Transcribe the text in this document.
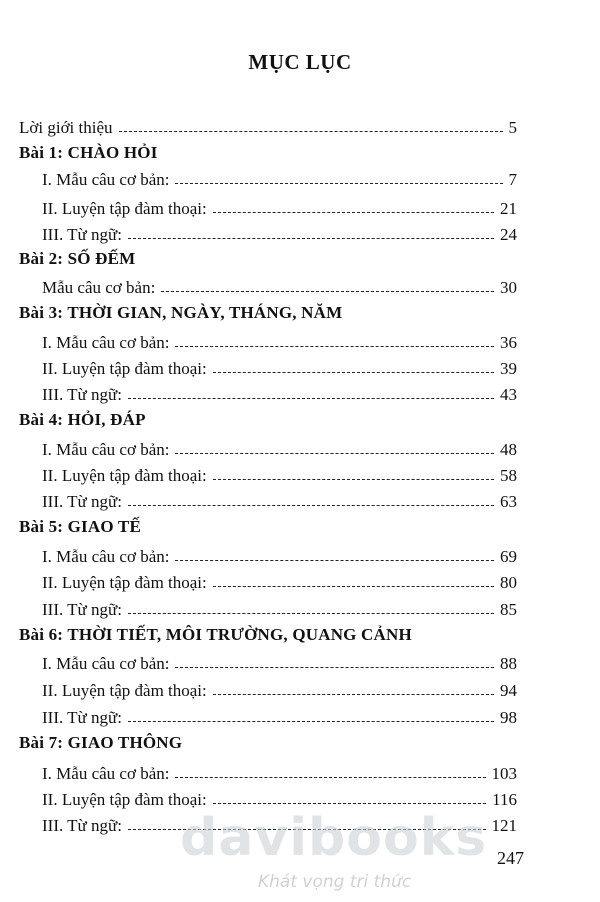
MỤC LỤC
Lời giới thiệu	5
Bài 1: CHÀO HỎI
I. Mẫu câu cơ bản:	7
II. Luyện tập đàm thoại:	21
III. Từ ngữ:	24
Bài 2: SỐ ĐẾM
Mẫu câu cơ bản:	30
Bài 3: THỜI GIAN, NGÀY, THÁNG, NĂM
I. Mẫu câu cơ bản:	36
II. Luyện tập đàm thoại:	39
III. Từ ngữ:	43
Bài 4: HỎI, ĐÁP
I. Mẫu câu cơ bản:	48
II. Luyện tập đàm thoại:	58
III. Từ ngữ:	63
Bài 5: GIAO TẾ
I. Mẫu câu cơ bản:	69
II. Luyện tập đàm thoại:	80
III. Từ ngữ:	85
Bài 6: THỜI TIẾT, MÔI TRƯỜNG, QUANG CẢNH
I. Mẫu câu cơ bản:	88
II. Luyện tập đàm thoại:	94
III. Từ ngữ:	98
Bài 7: GIAO THÔNG
I. Mẫu câu cơ bản:	103
II. Luyện tập đàm thoại:	116
III. Từ ngữ:	121
davibooks
Khát vọng tri thức
247
